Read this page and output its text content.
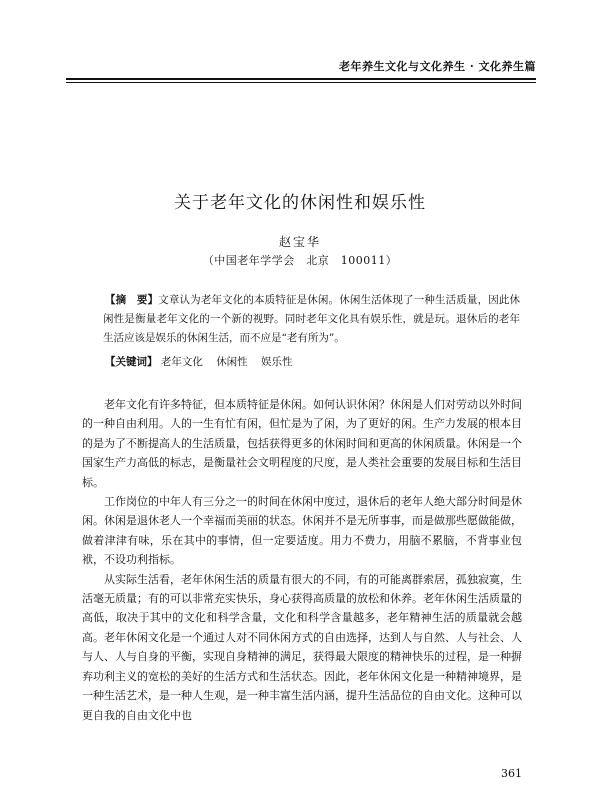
老年养生文化与文化养生 · 文化养生篇
关于老年文化的休闲性和娱乐性
赵宝华
（中国老年学学会　北京　100011）
【摘　要】文章认为老年文化的本质特征是休闲。休闲生活体现了一种生活质量，因此休闲性是衡量老年文化的一个新的视野。同时老年文化具有娱乐性，就是玩。退休后的老年生活应该是娱乐的休闲生活，而不应是“老有所为”。
【关键词】 老年文化 休闲性 娱乐性

老年文化有许多特征，但本质特征是休闲。如何认识休闲？休闲是人们对劳动以外时间的一种自由利用。人的一生有忙有闲，但忙是为了闲，为了更好的闲。生产力发展的根本目的是为了不断提高人的生活质量，包括获得更多的休闲时间和更高的休闲质量。休闲是一个国家生产力高低的标志，是衡量社会文明程度的尺度，是人类社会重要的发展目标和生活目标。

工作岗位的中年人有三分之一的时间在休闲中度过，退休后的老年人绝大部分时间是休闲。休闲是退休老人一个幸福而美丽的状态。休闲并不是无所事事，而是做那些愿做能做，做着津津有味，乐在其中的事情，但一定要适度。用力不费力，用脑不累脑，不背事业包袱，不设功利指标。

从实际生活看，老年休闲生活的质量有很大的不同，有的可能离群索居，孤独寂寞，生活毫无质量；有的可以非常充实快乐，身心获得高质量的放松和休养。老年休闲生活质量的高低，取决于其中的文化和科学含量，文化和科学含量越多，老年精神生活的质量就会越高。老年休闲文化是一个通过人对不同休闲方式的自由选择，达到人与自然、人与社会、人与人、人与自身的平衡，实现自身精神的满足，获得最大限度的精神快乐的过程，是一种摒弃功利主义的宽松的美好的生活方式和生活状态。因此，老年休闲文化是一种精神境界，是一种生活艺术，是一种人生观，是一种丰富生活内涵，提升生活品位的自由文化。这种可以更自我的自由文化中也

361
